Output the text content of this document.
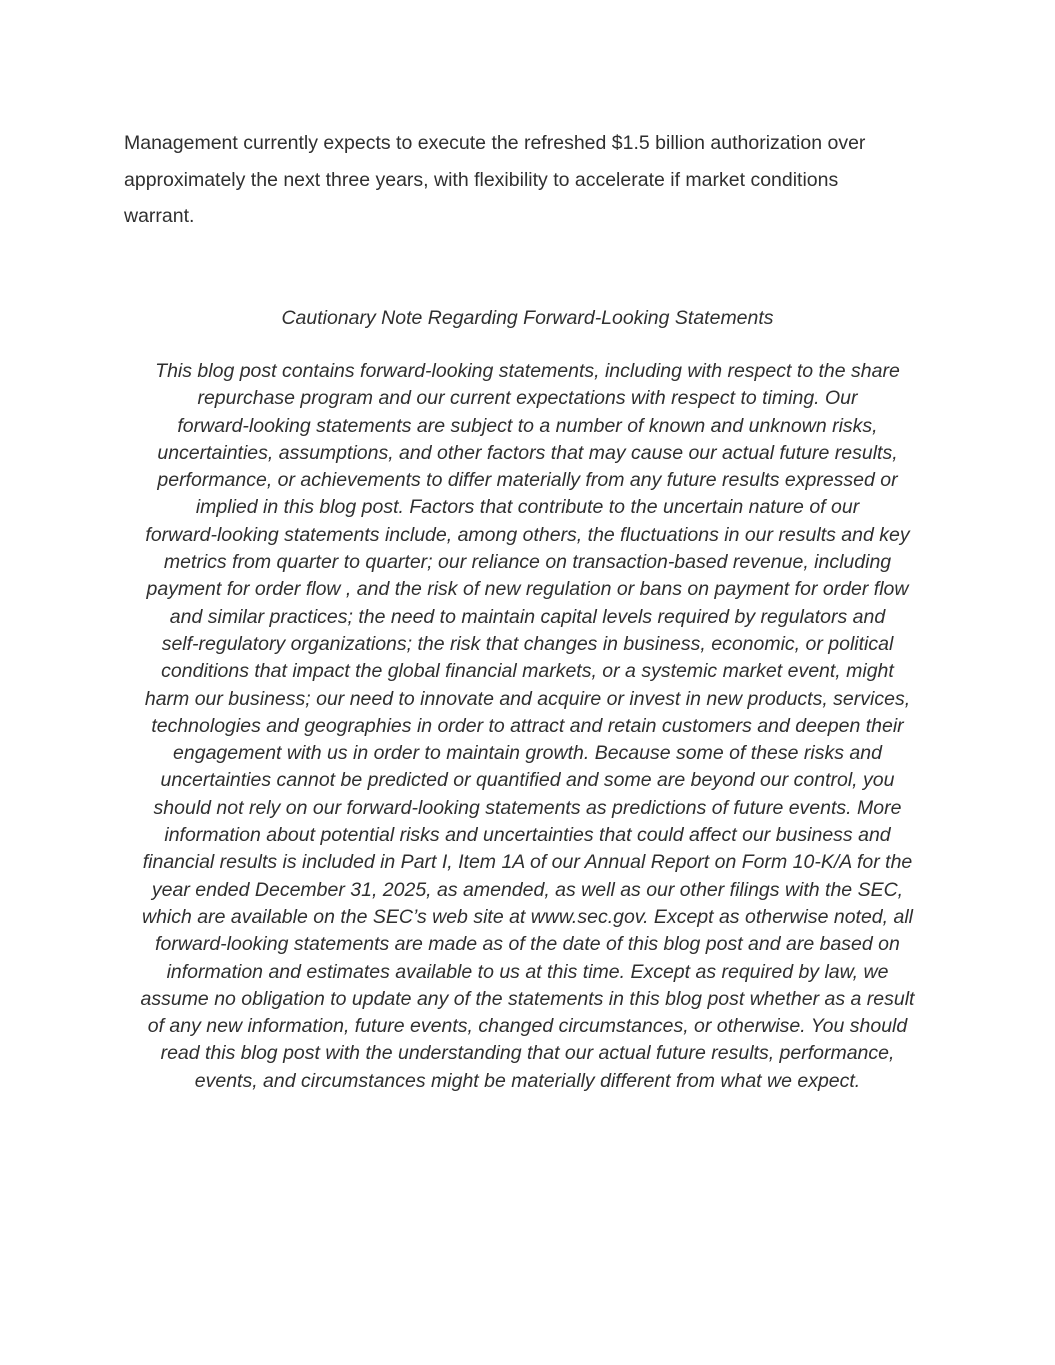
Management currently expects to execute the refreshed $1.5 billion authorization over
approximately the next three years, with flexibility to accelerate if market conditions
warrant.

Cautionary Note Regarding Forward-Looking Statements

This blog post contains forward-looking statements, including with respect to the share
repurchase program and our current expectations with respect to timing. Our
forward-looking statements are subject to a number of known and unknown risks,
uncertainties, assumptions, and other factors that may cause our actual future results,
performance, or achievements to differ materially from any future results expressed or
implied in this blog post. Factors that contribute to the uncertain nature of our
forward-looking statements include, among others, the fluctuations in our results and key
metrics from quarter to quarter; our reliance on transaction-based revenue, including
payment for order flow , and the risk of new regulation or bans on payment for order flow
and similar practices; the need to maintain capital levels required by regulators and
self-regulatory organizations; the risk that changes in business, economic, or political
conditions that impact the global financial markets, or a systemic market event, might
harm our business; our need to innovate and acquire or invest in new products, services,
technologies and geographies in order to attract and retain customers and deepen their
engagement with us in order to maintain growth. Because some of these risks and
uncertainties cannot be predicted or quantified and some are beyond our control, you
should not rely on our forward-looking statements as predictions of future events. More
information about potential risks and uncertainties that could affect our business and
financial results is included in Part I, Item 1A of our Annual Report on Form 10-K/A for the
year ended December 31, 2025, as amended, as well as our other filings with the SEC,
which are available on the SEC’s web site at www.sec.gov. Except as otherwise noted, all
forward-looking statements are made as of the date of this blog post and are based on
information and estimates available to us at this time. Except as required by law, we
assume no obligation to update any of the statements in this blog post whether as a result
of any new information, future events, changed circumstances, or otherwise. You should
read this blog post with the understanding that our actual future results, performance,
events, and circumstances might be materially different from what we expect.
